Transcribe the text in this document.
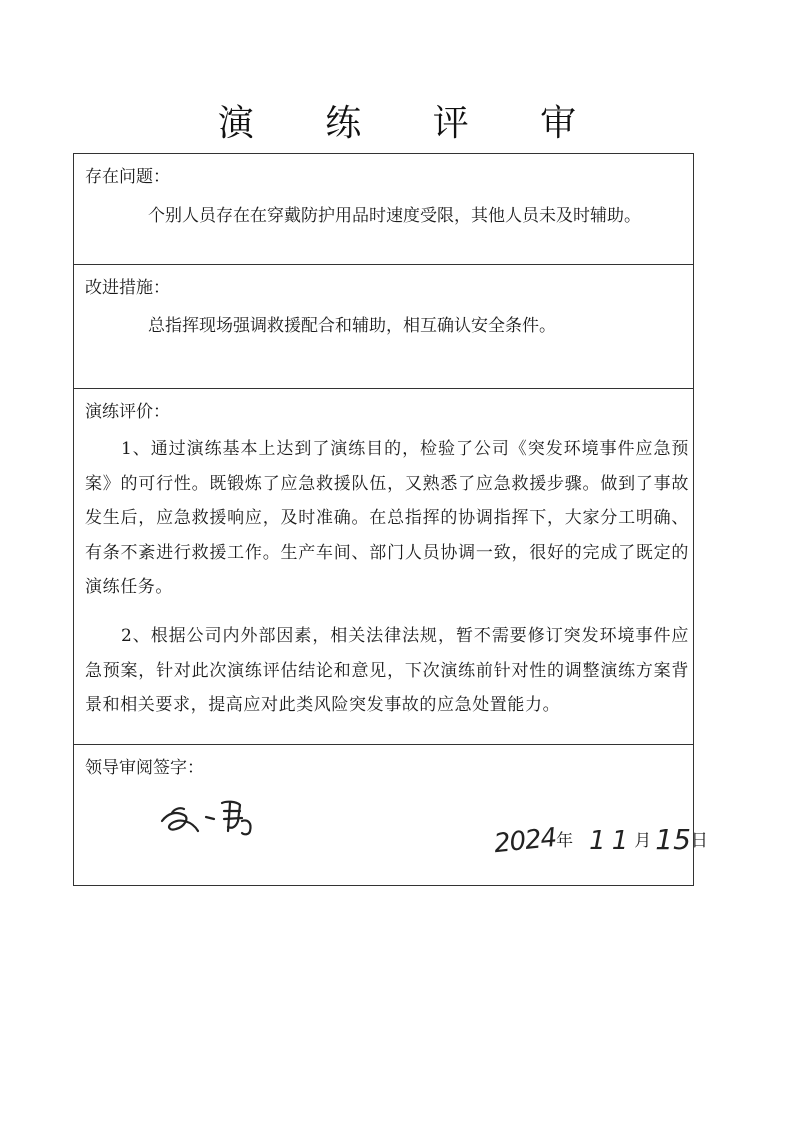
演 练 评 审
存在问题：
个别人员存在在穿戴防护用品时速度受限，其他人员未及时辅助。
改进措施：
总指挥现场强调救援配合和辅助，相互确认安全条件。
演练评价：
1、通过演练基本上达到了演练目的，检验了公司《突发环境事件应急预案》的可行性。既锻炼了应急救援队伍，又熟悉了应急救援步骤。做到了事故发生后，应急救援响应，及时准确。在总指挥的协调指挥下，大家分工明确、有条不紊进行救援工作。生产车间、部门人员协调一致，很好的完成了既定的演练任务。
2、根据公司内外部因素，相关法律法规，暂不需要修订突发环境事件应急预案，针对此次演练评估结论和意见，下次演练前针对性的调整演练方案背景和相关要求，提高应对此类风险突发事故的应急处置能力。
领导审阅签字：
2024年 11月 15日
